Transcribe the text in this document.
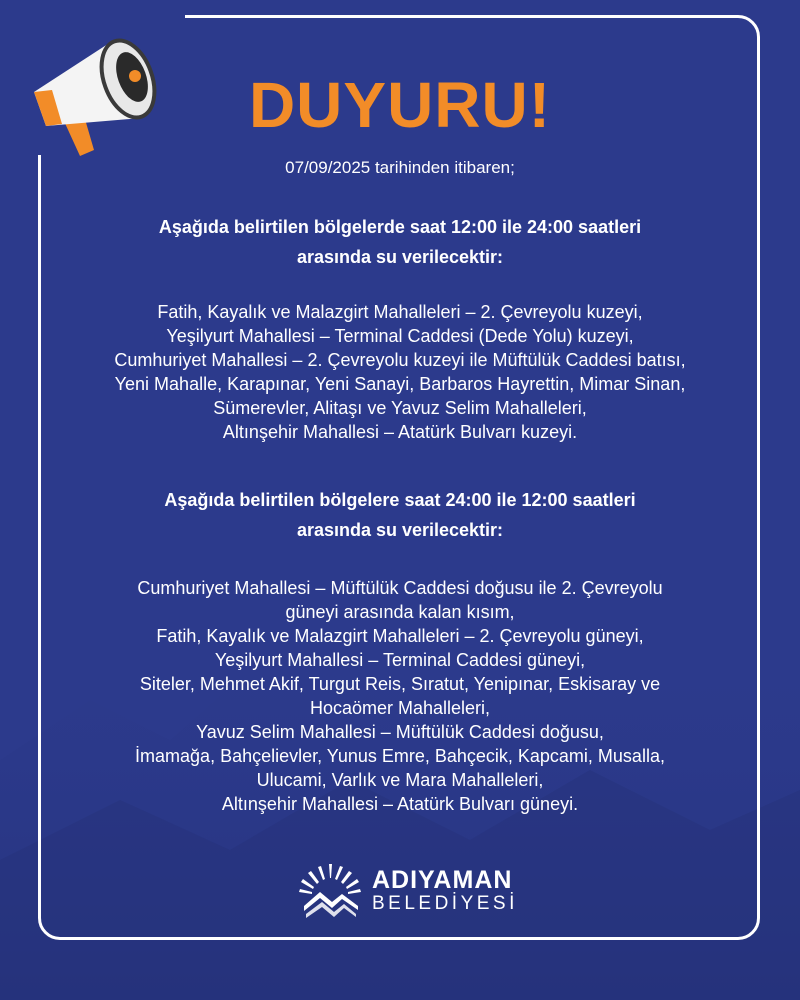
DUYURU!

07/09/2025 tarihinden itibaren;

Aşağıda belirtilen bölgelerde saat 12:00 ile 24:00 saatleri
arasında su verilecektir:
Fatih, Kayalık ve Malazgirt Mahalleleri – 2. Çevreyolu kuzeyi,
Yeşilyurt Mahallesi – Terminal Caddesi (Dede Yolu) kuzeyi,
Cumhuriyet Mahallesi – 2. Çevreyolu kuzeyi ile Müftülük Caddesi batısı,
Yeni Mahalle, Karapınar, Yeni Sanayi, Barbaros Hayrettin, Mimar Sinan,
Sümerevler, Alitaşı ve Yavuz Selim Mahalleleri,
Altınşehir Mahallesi – Atatürk Bulvarı kuzeyi.
Aşağıda belirtilen bölgelere saat 24:00 ile 12:00 saatleri
arasında su verilecektir:
Cumhuriyet Mahallesi – Müftülük Caddesi doğusu ile 2. Çevreyolu
güneyi arasında kalan kısım,
Fatih, Kayalık ve Malazgirt Mahalleleri – 2. Çevreyolu güneyi,
Yeşilyurt Mahallesi – Terminal Caddesi güneyi,
Siteler, Mehmet Akif, Turgut Reis, Sıratut, Yenipınar, Eskisaray ve
Hocaömer Mahalleleri,
Yavuz Selim Mahallesi – Müftülük Caddesi doğusu,
İmamağa, Bahçelievler, Yunus Emre, Bahçecik, Kapcami, Musalla,
Ulucami, Varlık ve Mara Mahalleleri,
Altınşehir Mahallesi – Atatürk Bulvarı güneyi.
ADIYAMAN
BELEDİYESİ
